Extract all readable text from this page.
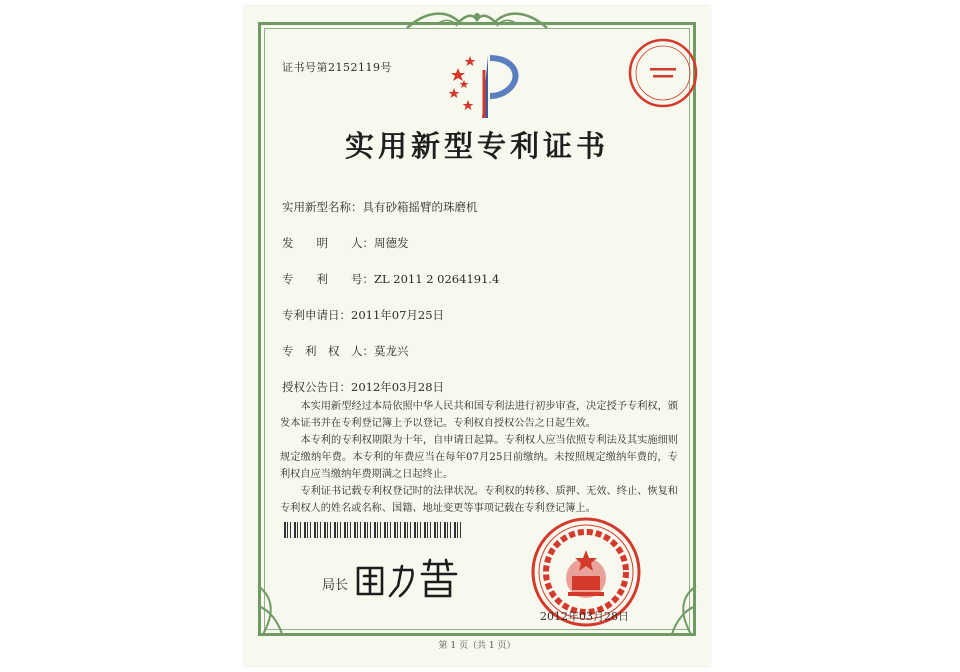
证书号第2152119号
实用新型专利证书
实用新型名称：具有砂箱摇臂的珠磨机
发　　明　　人：周德发
专　　利　　号：ZL 2011 2 0264191.4
专利申请日：2011年07月25日
专　利　权　人：莫龙兴
授权公告日：2012年03月28日

本实用新型经过本局依照中华人民共和国专利法进行初步审查，决定授予专利权，颁发本证书并在专利登记簿上予以登记。专利权自授权公告之日起生效。

本专利的专利权期限为十年，自申请日起算。专利权人应当依照专利法及其实施细则规定缴纳年费。本专利的年费应当在每年07月25日前缴纳。未按照规定缴纳年费的，专利权自应当缴纳年费期满之日起终止。

专利证书记载专利权登记时的法律状况。专利权的转移、质押、无效、终止、恢复和专利权人的姓名或名称、国籍、地址变更等事项记载在专利登记簿上。

局长
2012年03月28日
第 1 页（共 1 页）
